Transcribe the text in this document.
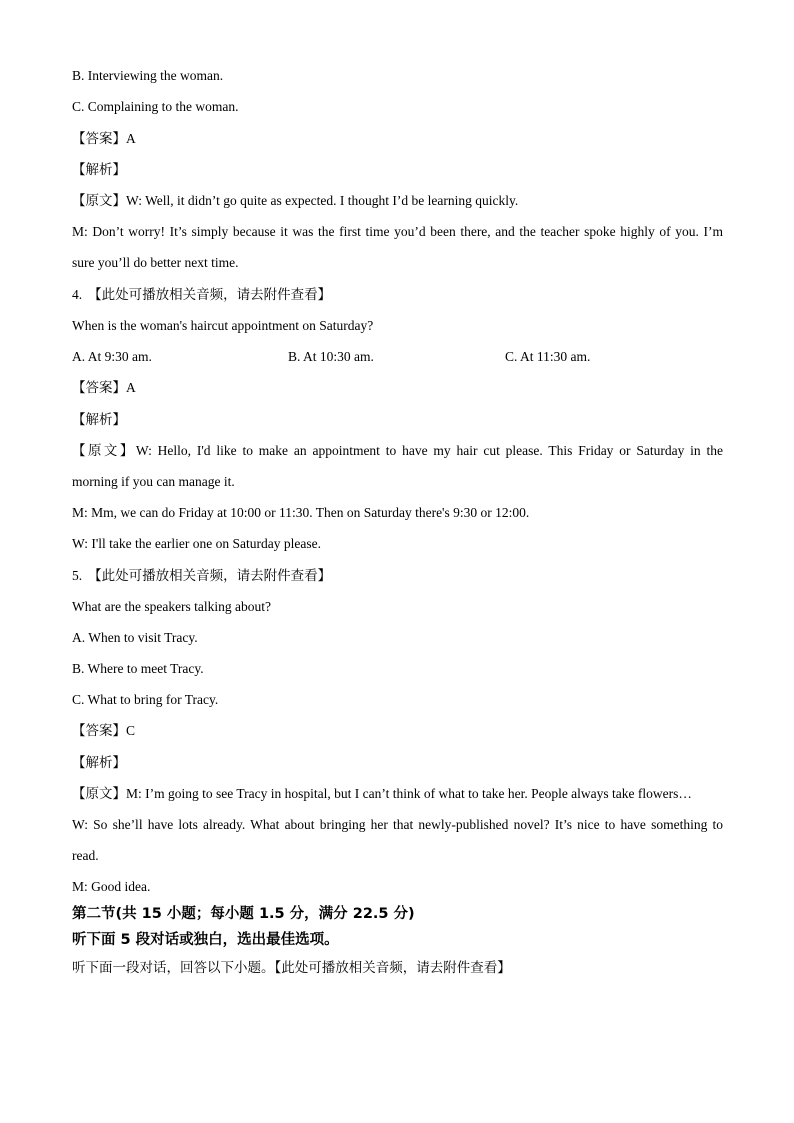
B. Interviewing the woman.
C. Complaining to the woman.
【答案】A
【解析】
【原文】W: Well, it didn’t go quite as expected. I thought I’d be learning quickly.
M: Don’t worry! It’s simply because it was the first time you’d been there, and the teacher spoke highly of you. I’m
sure you’ll do better next time.
4. 【此处可播放相关音频，请去附件查看】
When is the woman's haircut appointment on Saturday?
A. At 9:30 am.	B. At 10:30 am.	C. At 11:30 am.
【答案】A
【解析】
【原文】W: Hello, I'd like to make an appointment to have my hair cut please. This Friday or Saturday in the
morning if you can manage it.
M: Mm, we can do Friday at 10:00 or 11:30. Then on Saturday there's 9:30 or 12:00.
W: I'll take the earlier one on Saturday please.
5. 【此处可播放相关音频，请去附件查看】
What are the speakers talking about?
A. When to visit Tracy.
B. Where to meet Tracy.
C. What to bring for Tracy.
【答案】C
【解析】
【原文】M: I’m going to see Tracy in hospital, but I can’t think of what to take her. People always take flowers…
W: So she’ll have lots already. What about bringing her that newly-published novel? It’s nice to have something to
read.
M: Good idea.
第二节(共 15 小题；每小题 1.5 分，满分 22.5 分)
听下面 5 段对话或独白，选出最佳选项。
听下面一段对话，回答以下小题。【此处可播放相关音频，请去附件查看】
